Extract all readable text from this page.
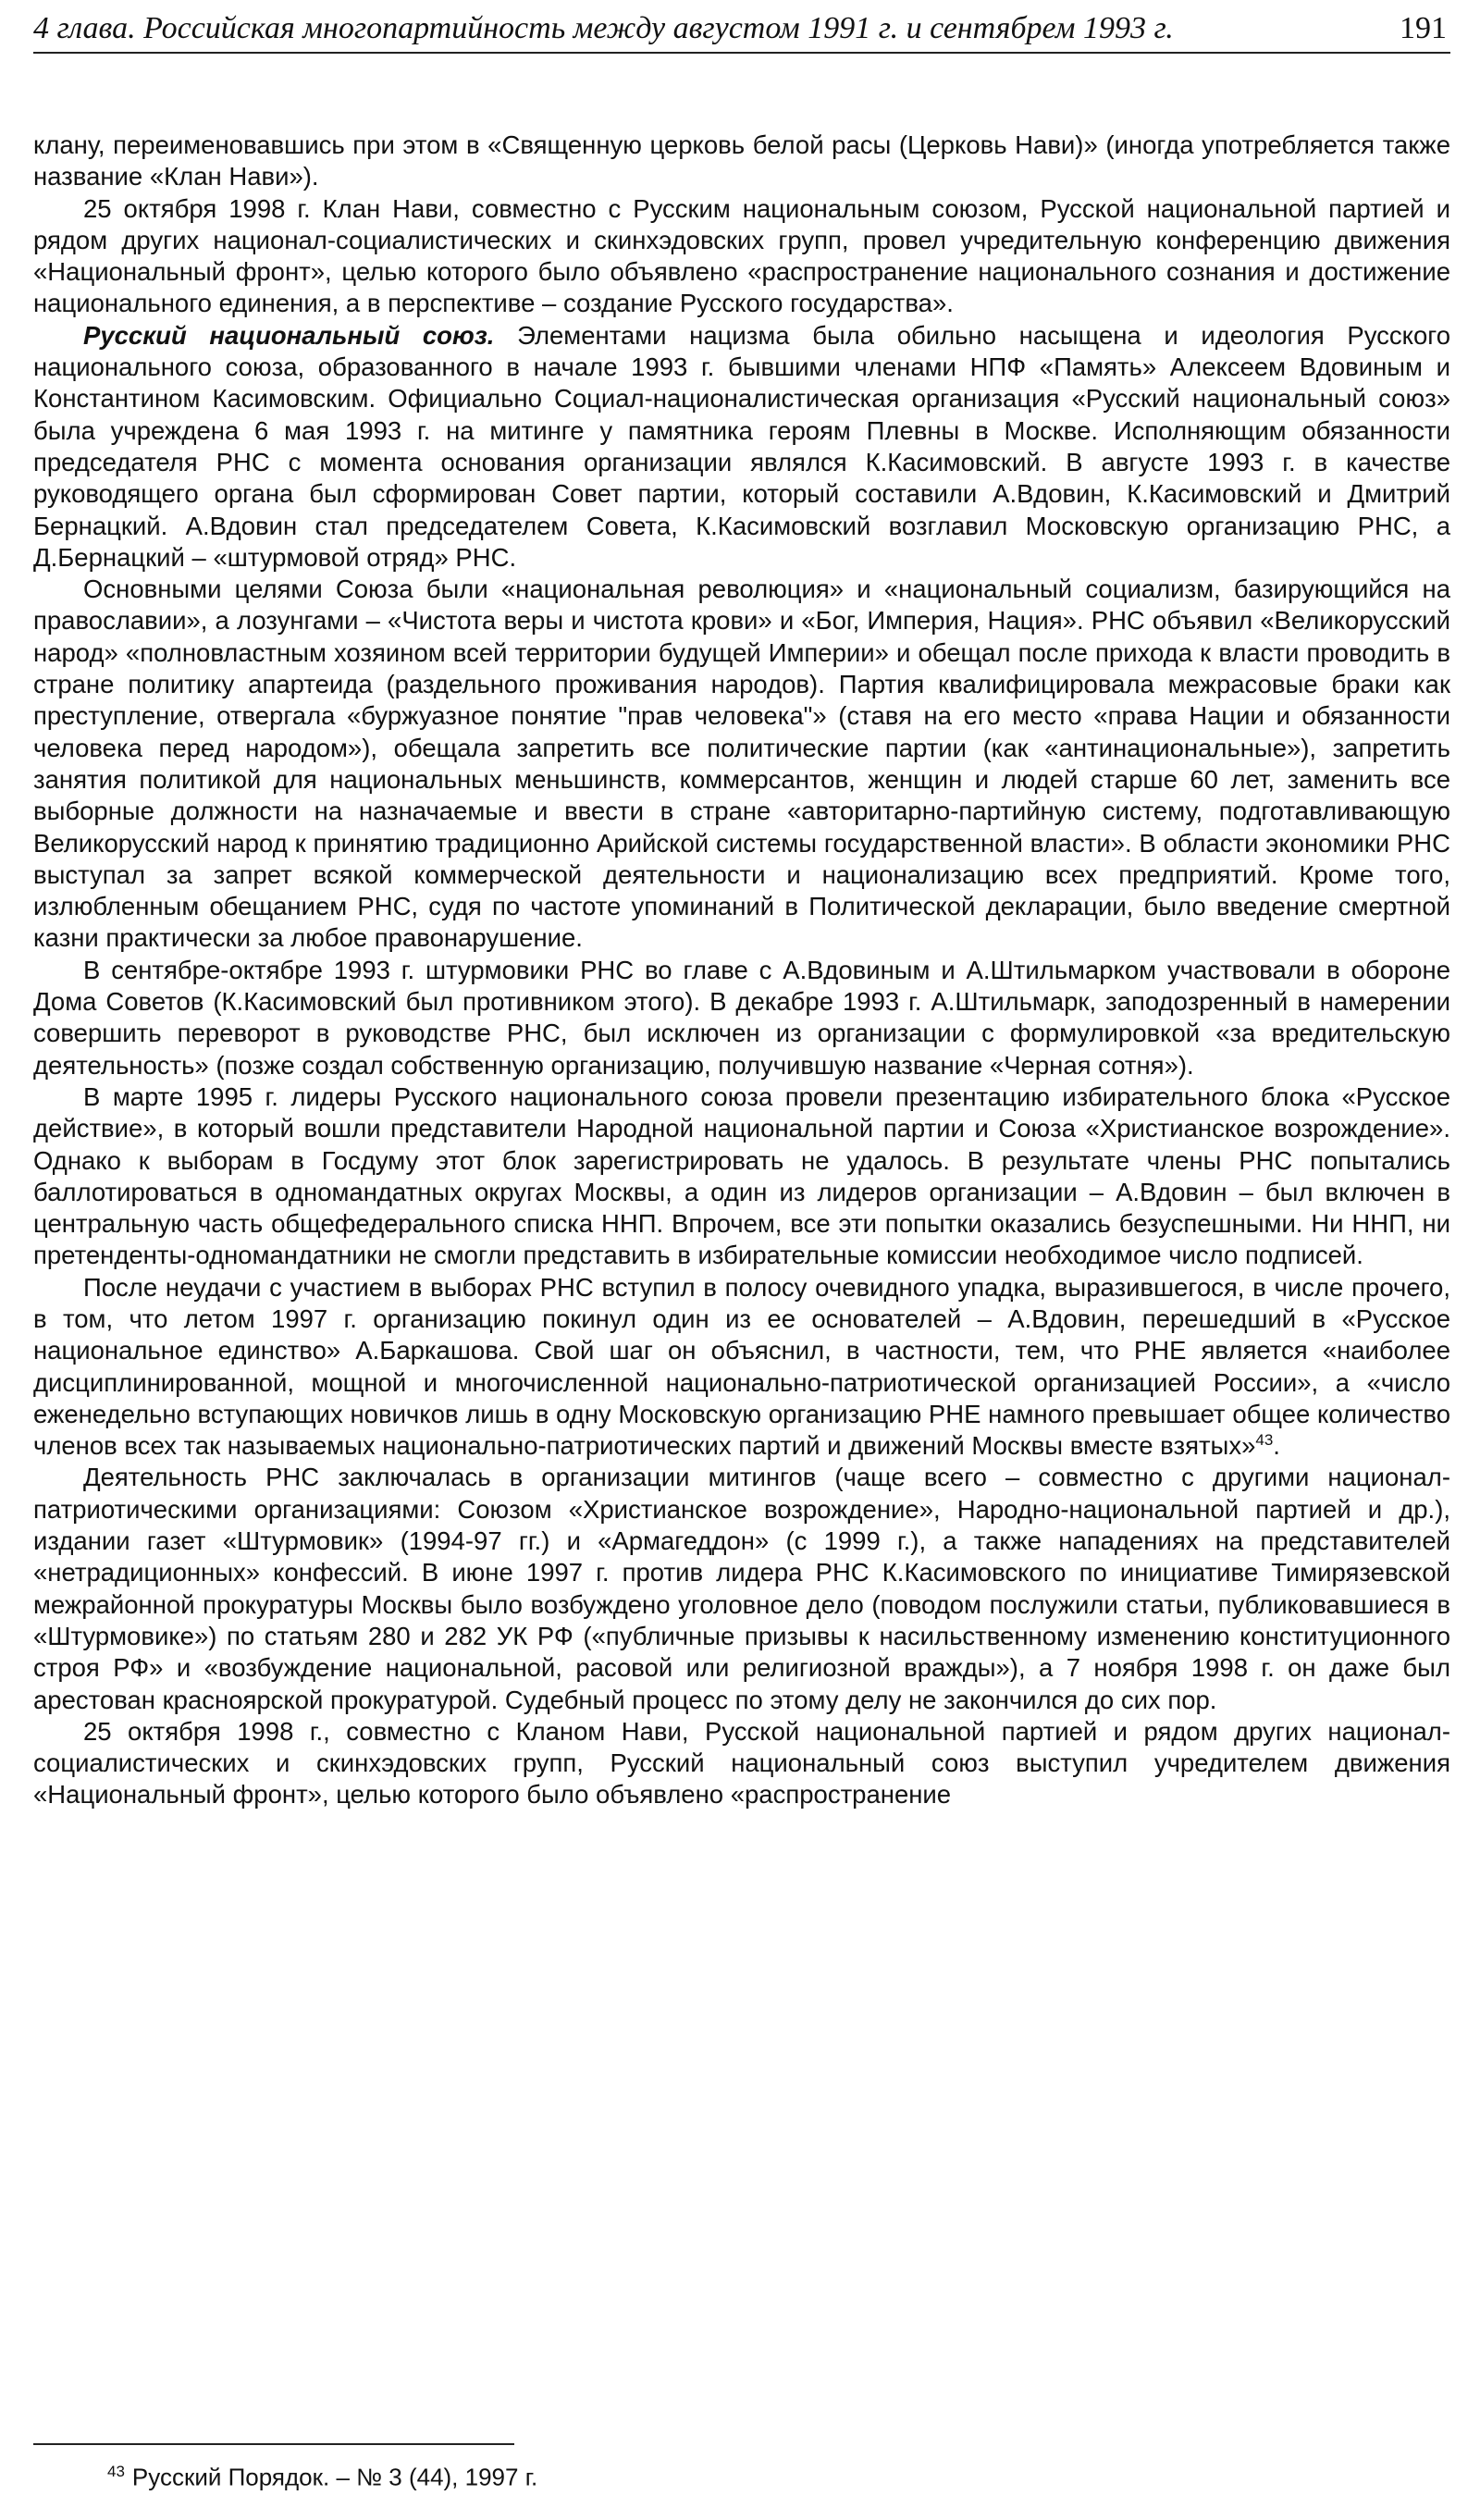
4 глава. Российская многопартийность между августом 1991 г. и сентябрем 1993 г.	191

клану, переименовавшись при этом в «Священную церковь белой расы (Церковь Нави)» (иногда употребляется также название «Клан Нави»).

25 октября 1998 г. Клан Нави, совместно с Русским национальным союзом, Русской национальной партией и рядом других национал-социалистических и скинхэдовских групп, провел учредительную конференцию движения «Национальный фронт», целью которого было объявлено «распространение национального сознания и достижение национального единения, а в перспективе – создание Русского государства».

Русский национальный союз. Элементами нацизма была обильно насыщена и идеология Русского национального союза, образованного в начале 1993 г. бывшими членами НПФ «Память» Алексеем Вдовиным и Константином Касимовским. Официально Социал-националистическая организация «Русский национальный союз» была учреждена 6 мая 1993 г. на митинге у памятника героям Плевны в Москве. Исполняющим обязанности председателя РНС с момента основания организации являлся К.Касимовский. В августе 1993 г. в качестве руководящего органа был сформирован Совет партии, который составили А.Вдовин, К.Касимовский и Дмитрий Бернацкий. А.Вдовин стал председателем Совета, К.Касимовский возглавил Московскую организацию РНС, а Д.Бернацкий – «штурмовой отряд» РНС.

Основными целями Союза были «национальная революция» и «национальный социализм, базирующийся на православии», а лозунгами – «Чистота веры и чистота крови» и «Бог, Империя, Нация». РНС объявил «Великорусский народ» «полновластным хозяином всей территории будущей Империи» и обещал после прихода к власти проводить в стране политику апартеида (раздельного проживания народов). Партия квалифицировала межрасовые браки как преступление, отвергала «буржуазное понятие "прав человека"» (ставя на его место «права Нации и обязанности человека перед народом»), обещала запретить все политические партии (как «антинациональные»), запретить занятия политикой для национальных меньшинств, коммерсантов, женщин и людей старше 60 лет, заменить все выборные должности на назначаемые и ввести в стране «авторитарно-партийную систему, подготавливающую Великорусский народ к принятию традиционно Арийской системы государственной власти». В области экономики РНС выступал за запрет всякой коммерческой деятельности и национализацию всех предприятий. Кроме того, излюбленным обещанием РНС, судя по частоте упоминаний в Политической декларации, было введение смертной казни практически за любое правонарушение.

В сентябре-октябре 1993 г. штурмовики РНС во главе с А.Вдовиным и А.Штильмарком участвовали в обороне Дома Советов (К.Касимовский был противником этого). В декабре 1993 г. А.Штильмарк, заподозренный в намерении совершить переворот в руководстве РНС, был исключен из организации с формулировкой «за вредительскую деятельность» (позже создал собственную организацию, получившую название «Черная сотня»).

В марте 1995 г. лидеры Русского национального союза провели презентацию избирательного блока «Русское действие», в который вошли представители Народной национальной партии и Союза «Христианское возрождение». Однако к выборам в Госдуму этот блок зарегистрировать не удалось. В результате члены РНС попытались баллотироваться в одномандатных округах Москвы, а один из лидеров организации – А.Вдовин – был включен в центральную часть общефедерального списка ННП. Впрочем, все эти попытки оказались безуспешными. Ни ННП, ни претенденты-одномандатники не смогли представить в избирательные комиссии необходимое число подписей.

После неудачи с участием в выборах РНС вступил в полосу очевидного упадка, выразившегося, в числе прочего, в том, что летом 1997 г. организацию покинул один из ее основателей – А.Вдовин, перешедший в «Русское национальное единство» А.Баркашова. Свой шаг он объяснил, в частности, тем, что РНЕ является «наиболее дисциплинированной, мощной и многочисленной национально-патриотической организацией России», а «число еженедельно вступающих новичков лишь в одну Московскую организацию РНЕ намного превышает общее количество членов всех так называемых национально-патриотических партий и движений Москвы вместе взятых»$^{43}$.

Деятельность РНС заключалась в организации митингов (чаще всего – совместно с другими национал-патриотическими организациями: Союзом «Христианское возрождение», Народно-национальной партией и др.), издании газет «Штурмовик» (1994-97 гг.) и «Армагеддон» (с 1999 г.), а также нападениях на представителей «нетрадиционных» конфессий. В июне 1997 г. против лидера РНС К.Касимовского по инициативе Тимирязевской межрайонной прокуратуры Москвы было возбуждено уголовное дело (поводом послужили статьи, публиковавшиеся в «Штурмовике») по статьям 280 и 282 УК РФ («публичные призывы к насильственному изменению конституционного строя РФ» и «возбуждение национальной, расовой или религиозной вражды»), а 7 ноября 1998 г. он даже был арестован красноярской прокуратурой. Судебный процесс по этому делу не закончился до сих пор.

25 октября 1998 г., совместно с Кланом Нави, Русской национальной партией и рядом других национал-социалистических и скинхэдовских групп, Русский национальный союз выступил учредителем движения «Национальный фронт», целью которого было объявлено «распространение

$^{43}$ Русский Порядок. – № 3 (44), 1997 г.
